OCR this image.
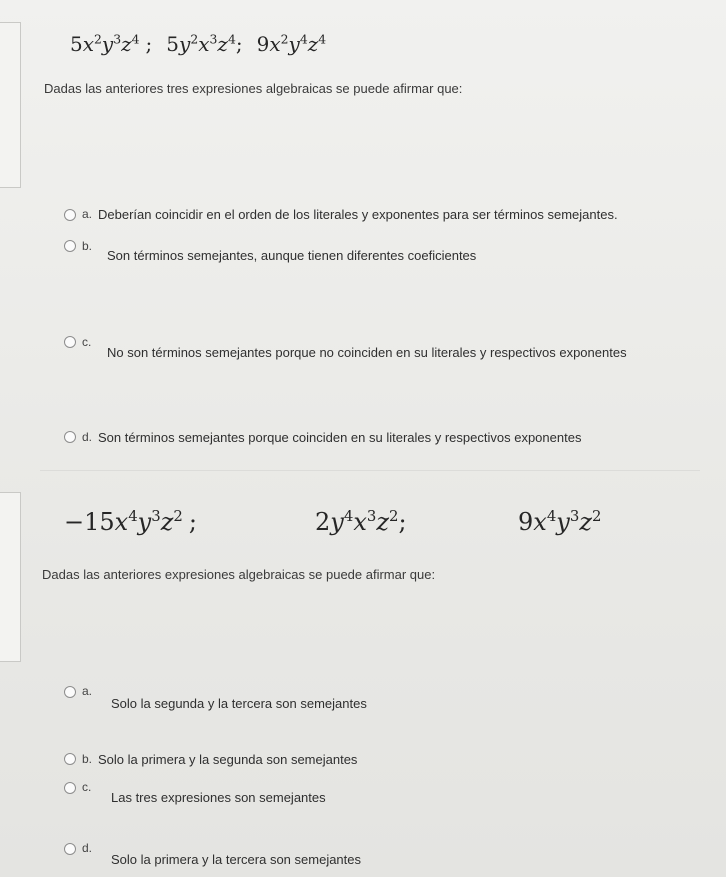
$5x^2y^3z^4$ ; $5y^2x^3z^4$; $9x^2y^4z^4$
Dadas las anteriores tres expresiones algebraicas se puede afirmar que:
a. Deberían coincidir en el orden de los literales y exponentes para ser términos semejantes.
b.
Son términos semejantes, aunque tienen diferentes coeficientes
c.
No son términos semejantes porque no coinciden en su literales y respectivos exponentes
d. Son términos semejantes porque coinciden en su literales y respectivos exponentes
$-15x^4y^3z^2$ ;	$2y^4x^3z^2$;	$9x^4y^3z^2$
Dadas las anteriores expresiones algebraicas se puede afirmar que:
a.
Solo la segunda y la tercera son semejantes
b. Solo la primera y la segunda son semejantes
c.
Las tres expresiones son semejantes
d.
Solo la primera y la tercera son semejantes
